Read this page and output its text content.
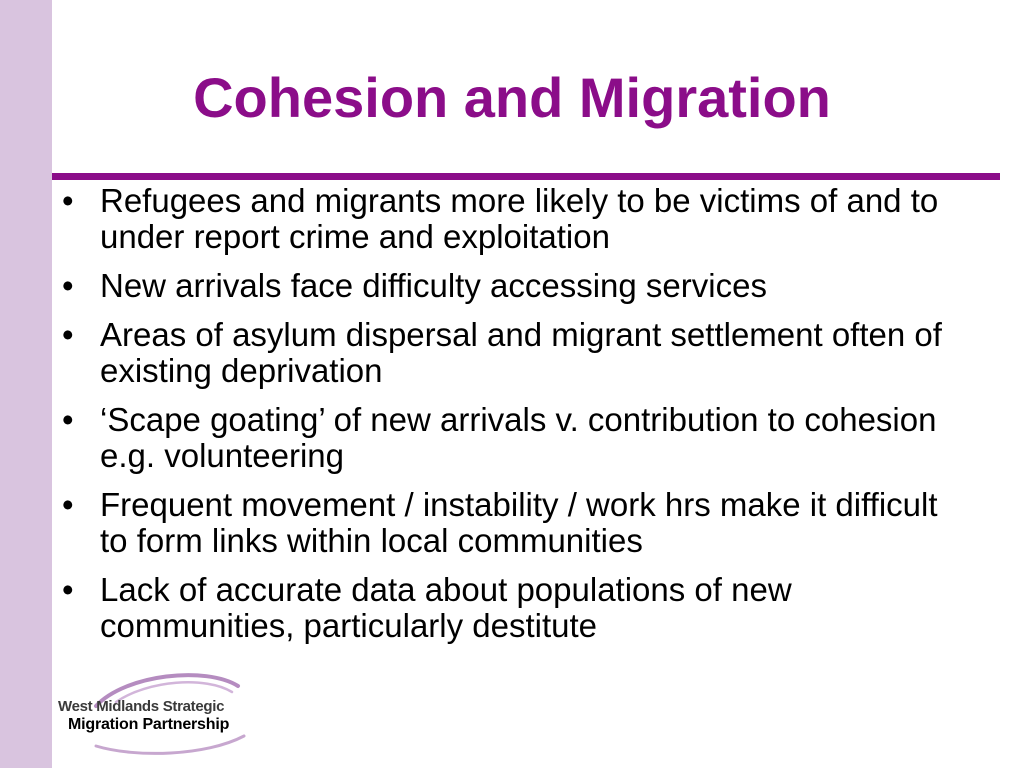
Cohesion and Migration
• Refugees and migrants more likely to be victims of and to under report crime and exploitation
• New arrivals face difficulty accessing services
• Areas of asylum dispersal and migrant settlement often of existing deprivation
• ‘Scape goating’ of new arrivals v. contribution to cohesion e.g. volunteering
• Frequent movement / instability / work hrs make it difficult to form links within local communities
• Lack of accurate data about populations of new communities, particularly destitute
West Midlands Strategic
Migration Partnership
